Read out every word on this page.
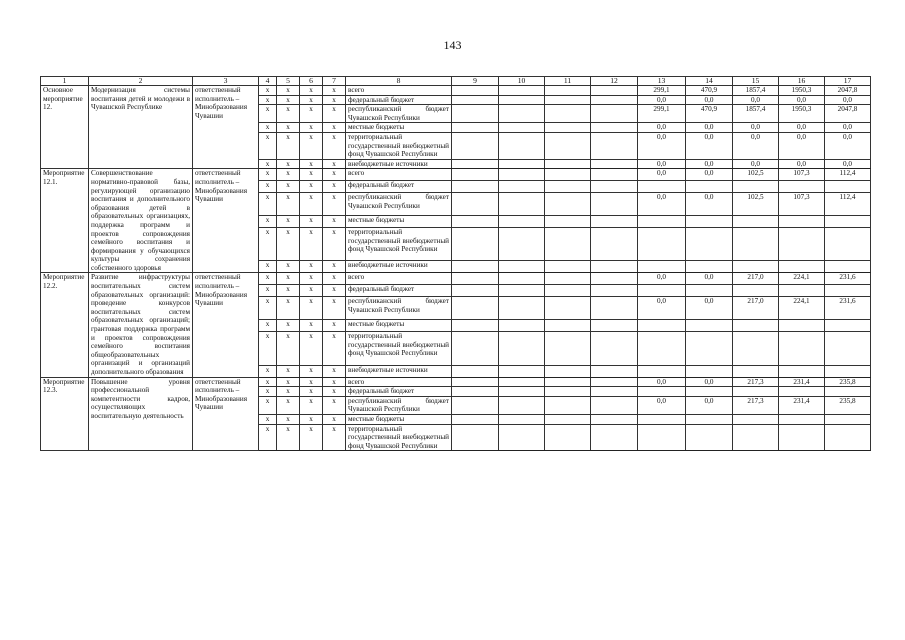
143
1	2	3	4	5	6	7	8	9	10	11	12	13	14	15	16	17
Основное мероприятие 12.	Модернизация системы воспитания детей и молодежи в Чувашской Республике	ответственный исполнитель – Минобразования Чувашии	x	x	x	x	всего					299,1	470,9	1857,4	1950,3	2047,8
			x	x	x	x	федеральный бюджет					0,0	0,0	0,0	0,0	0,0
			x	x	x	x	республиканский бюджет Чувашской Республики					299,1	470,9	1857,4	1950,3	2047,8
			x	x	x	x	местные бюджеты					0,0	0,0	0,0	0,0	0,0
			x	x	x	x	территориальный государственный внебюджетный фонд Чувашской Республики					0,0	0,0	0,0	0,0	0,0
			x	x	x	x	внебюджетные источники					0,0	0,0	0,0	0,0	0,0
Мероприятие 12.1.	Совершенствование нормативно-правовой базы, регулирующей организацию воспитания и дополнительного образования детей в образовательных организациях, поддержка программ и проектов сопровождения семейного воспитания и формирования у обучающихся культуры сохранения собственного здоровья	ответственный исполнитель – Минобразования Чувашии	x	x	x	x	всего					0,0	0,0	102,5	107,3	112,4
			x	x	x	x	федеральный бюджет									
			x	x	x	x	республиканский бюджет Чувашской Республики					0,0	0,0	102,5	107,3	112,4
			x	x	x	x	местные бюджеты									
			x	x	x	x	территориальный государственный внебюджетный фонд Чувашской Республики									
			x	x	x	x	внебюджетные источники									
Мероприятие 12.2.	Развитие инфраструктуры воспитательных систем образовательных организаций: проведение конкурсов воспитательных систем образовательных организаций; грантовая поддержка программ и проектов сопровождения семейного воспитания общеобразовательных организаций и организаций дополнительного образования	ответственный исполнитель – Минобразования Чувашии	x	x	x	x	всего					0,0	0,0	217,0	224,1	231,6
			x	x	x	x	федеральный бюджет									
			x	x	x	x	республиканский бюджет Чувашской Республики					0,0	0,0	217,0	224,1	231,6
			x	x	x	x	местные бюджеты									
			x	x	x	x	территориальный государственный внебюджетный фонд Чувашской Республики									
			x	x	x	x	внебюджетные источники									
Мероприятие 12.3.	Повышение уровня профессиональной компетентности кадров, осуществляющих воспитательную деятельность	ответственный исполнитель – Минобразования Чувашии	x	x	x	x	всего					0,0	0,0	217,3	231,4	235,8
			x	x	x	x	федеральный бюджет									
			x	x	x	x	республиканский бюджет Чувашской Республики					0,0	0,0	217,3	231,4	235,8
			x	x	x	x	местные бюджеты									
			x	x	x	x	территориальный государственный внебюджетный фонд Чувашской Республики									
